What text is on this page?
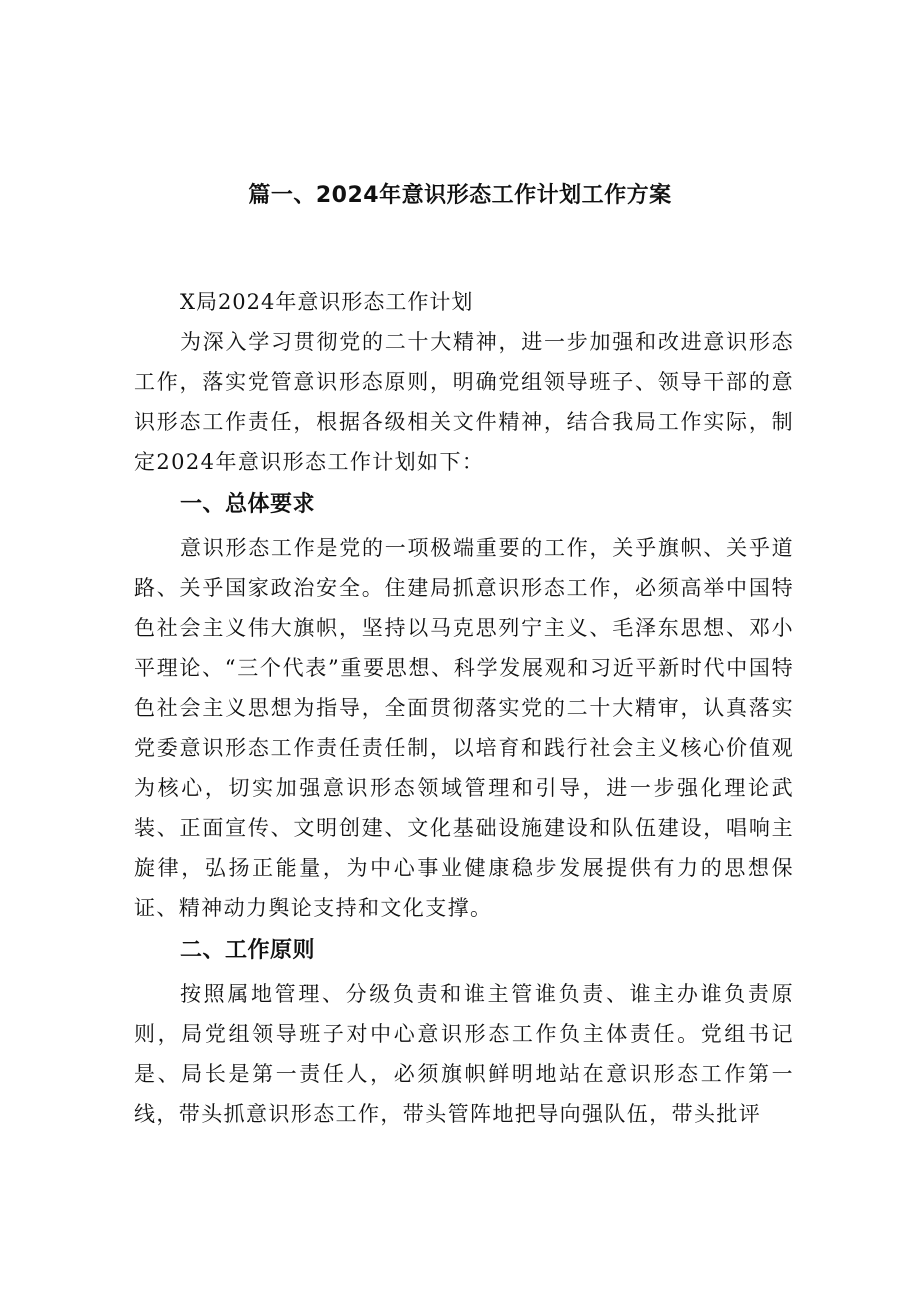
篇一、2024年意识形态工作计划工作方案

X局2024年意识形态工作计划

为深入学习贯彻党的二十大精神，进一步加强和改进意识形态工作，落实党管意识形态原则，明确党组领导班子、领导干部的意识形态工作责任，根据各级相关文件精神，结合我局工作实际，制定2024年意识形态工作计划如下：

一、总体要求

意识形态工作是党的一项极端重要的工作，关乎旗帜、关乎道路、关乎国家政治安全。住建局抓意识形态工作，必须高举中国特色社会主义伟大旗帜，坚持以马克思列宁主义、毛泽东思想、邓小平理论、“三个代表”重要思想、科学发展观和习近平新时代中国特色社会主义思想为指导，全面贯彻落实党的二十大精审，认真落实党委意识形态工作责任责任制，以培育和践行社会主义核心价值观为核心，切实加强意识形态领域管理和引导，进一步强化理论武装、正面宣传、文明创建、文化基础设施建设和队伍建设，唱响主旋律，弘扬正能量，为中心事业健康稳步发展提供有力的思想保证、精神动力舆论支持和文化支撑。

二、工作原则

按照属地管理、分级负责和谁主管谁负责、谁主办谁负责原则，局党组领导班子对中心意识形态工作负主体责任。党组书记是、局长是第一责任人，必须旗帜鲜明地站在意识形态工作第一线，带头抓意识形态工作，带头管阵地把导向强队伍，带头批评
